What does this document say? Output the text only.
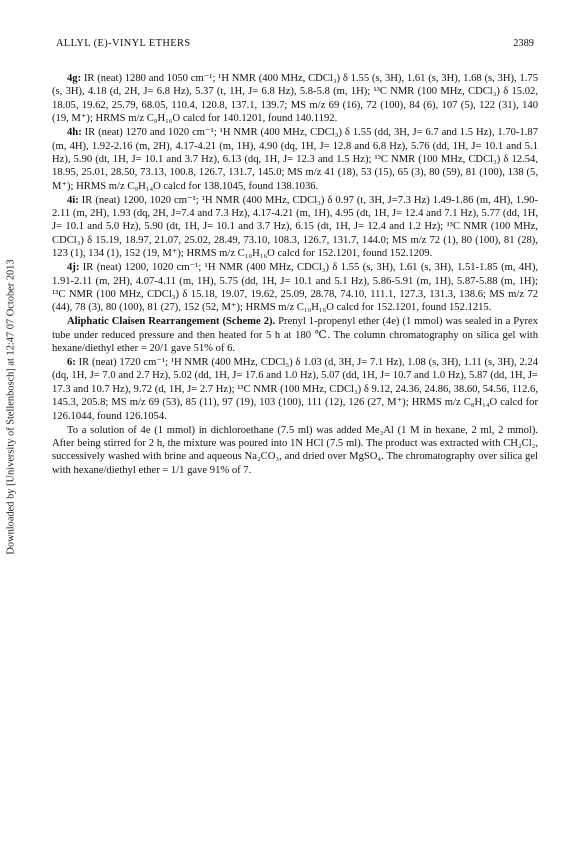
ALLYL (E)-VINYL ETHERS	2389
Downloaded by [University of Stellenbosch] at 12:47 07 October 2013

4g: IR (neat) 1280 and 1050 cm⁻¹; ¹H NMR (400 MHz, CDCl₃) δ 1.55 (s, 3H), 1.61 (s, 3H), 1.68 (s, 3H), 1.75 (s, 3H), 4.18 (d, 2H, J= 6.8 Hz), 5.37 (t, 1H, J= 6.8 Hz), 5.8-5.8 (m, 1H); ¹³C NMR (100 MHz, CDCl₃) δ 15.02, 18.05, 19.62, 25.79, 68.05, 110.4, 120.8, 137.1, 139.7; MS m/z 69 (16), 72 (100), 84 (6), 107 (5), 122 (31), 140 (19, M⁺); HRMS m/z C₉H₁₆O calcd for 140.1201, found 140.1192.

4h: IR (neat) 1270 and 1020 cm⁻¹; ¹H NMR (400 MHz, CDCl₃) δ 1.55 (dd, 3H, J= 6.7 and 1.5 Hz), 1.70-1.87 (m, 4H), 1.92-2.16 (m, 2H), 4.17-4.21 (m, 1H), 4.90 (dq, 1H, J= 12.8 and 6.8 Hz), 5.76 (dd, 1H, J= 10.1 and 5.1 Hz), 5.90 (dt, 1H, J= 10.1 and 3.7 Hz), 6.13 (dq, 1H, J= 12.3 and 1.5 Hz); ¹³C NMR (100 MHz, CDCl₃) δ 12.54, 18.95, 25.01, 28.50, 73.13, 100.8, 126.7, 131.7, 145.0; MS m/z 41 (18), 53 (15), 65 (3), 80 (59), 81 (100), 138 (5, M⁺); HRMS m/z C₉H₁₄O calcd for 138.1045, found 138.1036.

4i: IR (neat) 1200, 1020 cm⁻¹; ¹H NMR (400 MHz, CDCl₃) δ 0.97 (t, 3H, J=7.3 Hz) 1.49-1.86 (m, 4H), 1.90-2.11 (m, 2H), 1.93 (dq, 2H, J=7.4 and 7.3 Hz), 4.17-4.21 (m, 1H), 4.95 (dt, 1H, J= 12.4 and 7.1 Hz), 5.77 (dd, 1H, J= 10.1 and 5.0 Hz), 5.90 (dt, 1H, J= 10.1 and 3.7 Hz), 6.15 (dt, 1H, J= 12.4 and 1.2 Hz); ¹³C NMR (100 MHz, CDCl₃) δ 15.19, 18.97, 21.07, 25.02, 28.49, 73.10, 108.3, 126.7, 131.7, 144.0; MS m/z 72 (1), 80 (100), 81 (28), 123 (1), 134 (1), 152 (19, M⁺); HRMS m/z C₁₀H₁₆O calcd for 152.1201, found 152.1209.

4j: IR (neat) 1200, 1020 cm⁻¹; ¹H NMR (400 MHz, CDCl₃) δ 1.55 (s, 3H), 1.61 (s, 3H), 1.51-1.85 (m, 4H), 1.91-2.11 (m, 2H), 4.07-4.11 (m, 1H), 5.75 (dd, 1H, J= 10.1 and 5.1 Hz), 5.86-5.91 (m, 1H), 5.87-5.88 (m, 1H); ¹³C NMR (100 MHz, CDCl₃) δ 15.18, 19.07, 19.62, 25.09, 28.78, 74.10, 111.1, 127.3, 131.3, 138.6; MS m/z 72 (44), 78 (3), 80 (100), 81 (27), 152 (52, M⁺); HRMS m/z C₁₀H₁₆O calcd for 152.1201, found 152.1215.

Aliphatic Claisen Rearrangement (Scheme 2). Prenyl 1-propenyl ether (4e) (1 mmol) was sealed in a Pyrex tube under reduced pressure and then heated for 5 h at 180 ℃. The column chromatography on silica gel with hexane/diethyl ether = 20/1 gave 51% of 6.

6: IR (neat) 1720 cm⁻¹; ¹H NMR (400 MHz, CDCl₃) δ 1.03 (d, 3H, J= 7.1 Hz), 1.08 (s, 3H), 1.11 (s, 3H), 2.24 (dq, 1H, J= 7.0 and 2.7 Hz), 5.02 (dd, 1H, J= 17.6 and 1.0 Hz), 5.07 (dd, 1H, J= 10.7 and 1.0 Hz), 5.87 (dd, 1H, J= 17.3 and 10.7 Hz), 9.72 (d, 1H, J= 2.7 Hz); ¹³C NMR (100 MHz, CDCl₃) δ 9.12, 24.36, 24.86, 38.60, 54.56, 112.6, 145.3, 205.8; MS m/z 69 (53), 85 (11), 97 (19), 103 (100), 111 (12), 126 (27, M⁺); HRMS m/z C₈H₁₄O calcd for 126.1044, found 126.1054.

To a solution of 4e (1 mmol) in dichloroethane (7.5 ml) was added Me₃Al (1 M in hexane, 2 ml, 2 mmol). After being stirred for 2 h, the mixture was poured into 1N HCl (7.5 ml). The product was extracted with CH₂Cl₂, successively washed with brine and aqueous Na₂CO₃, and dried over MgSO₄. The chromatography over silica gel with hexane/diethyl ether = 1/1 gave 91% of 7.
